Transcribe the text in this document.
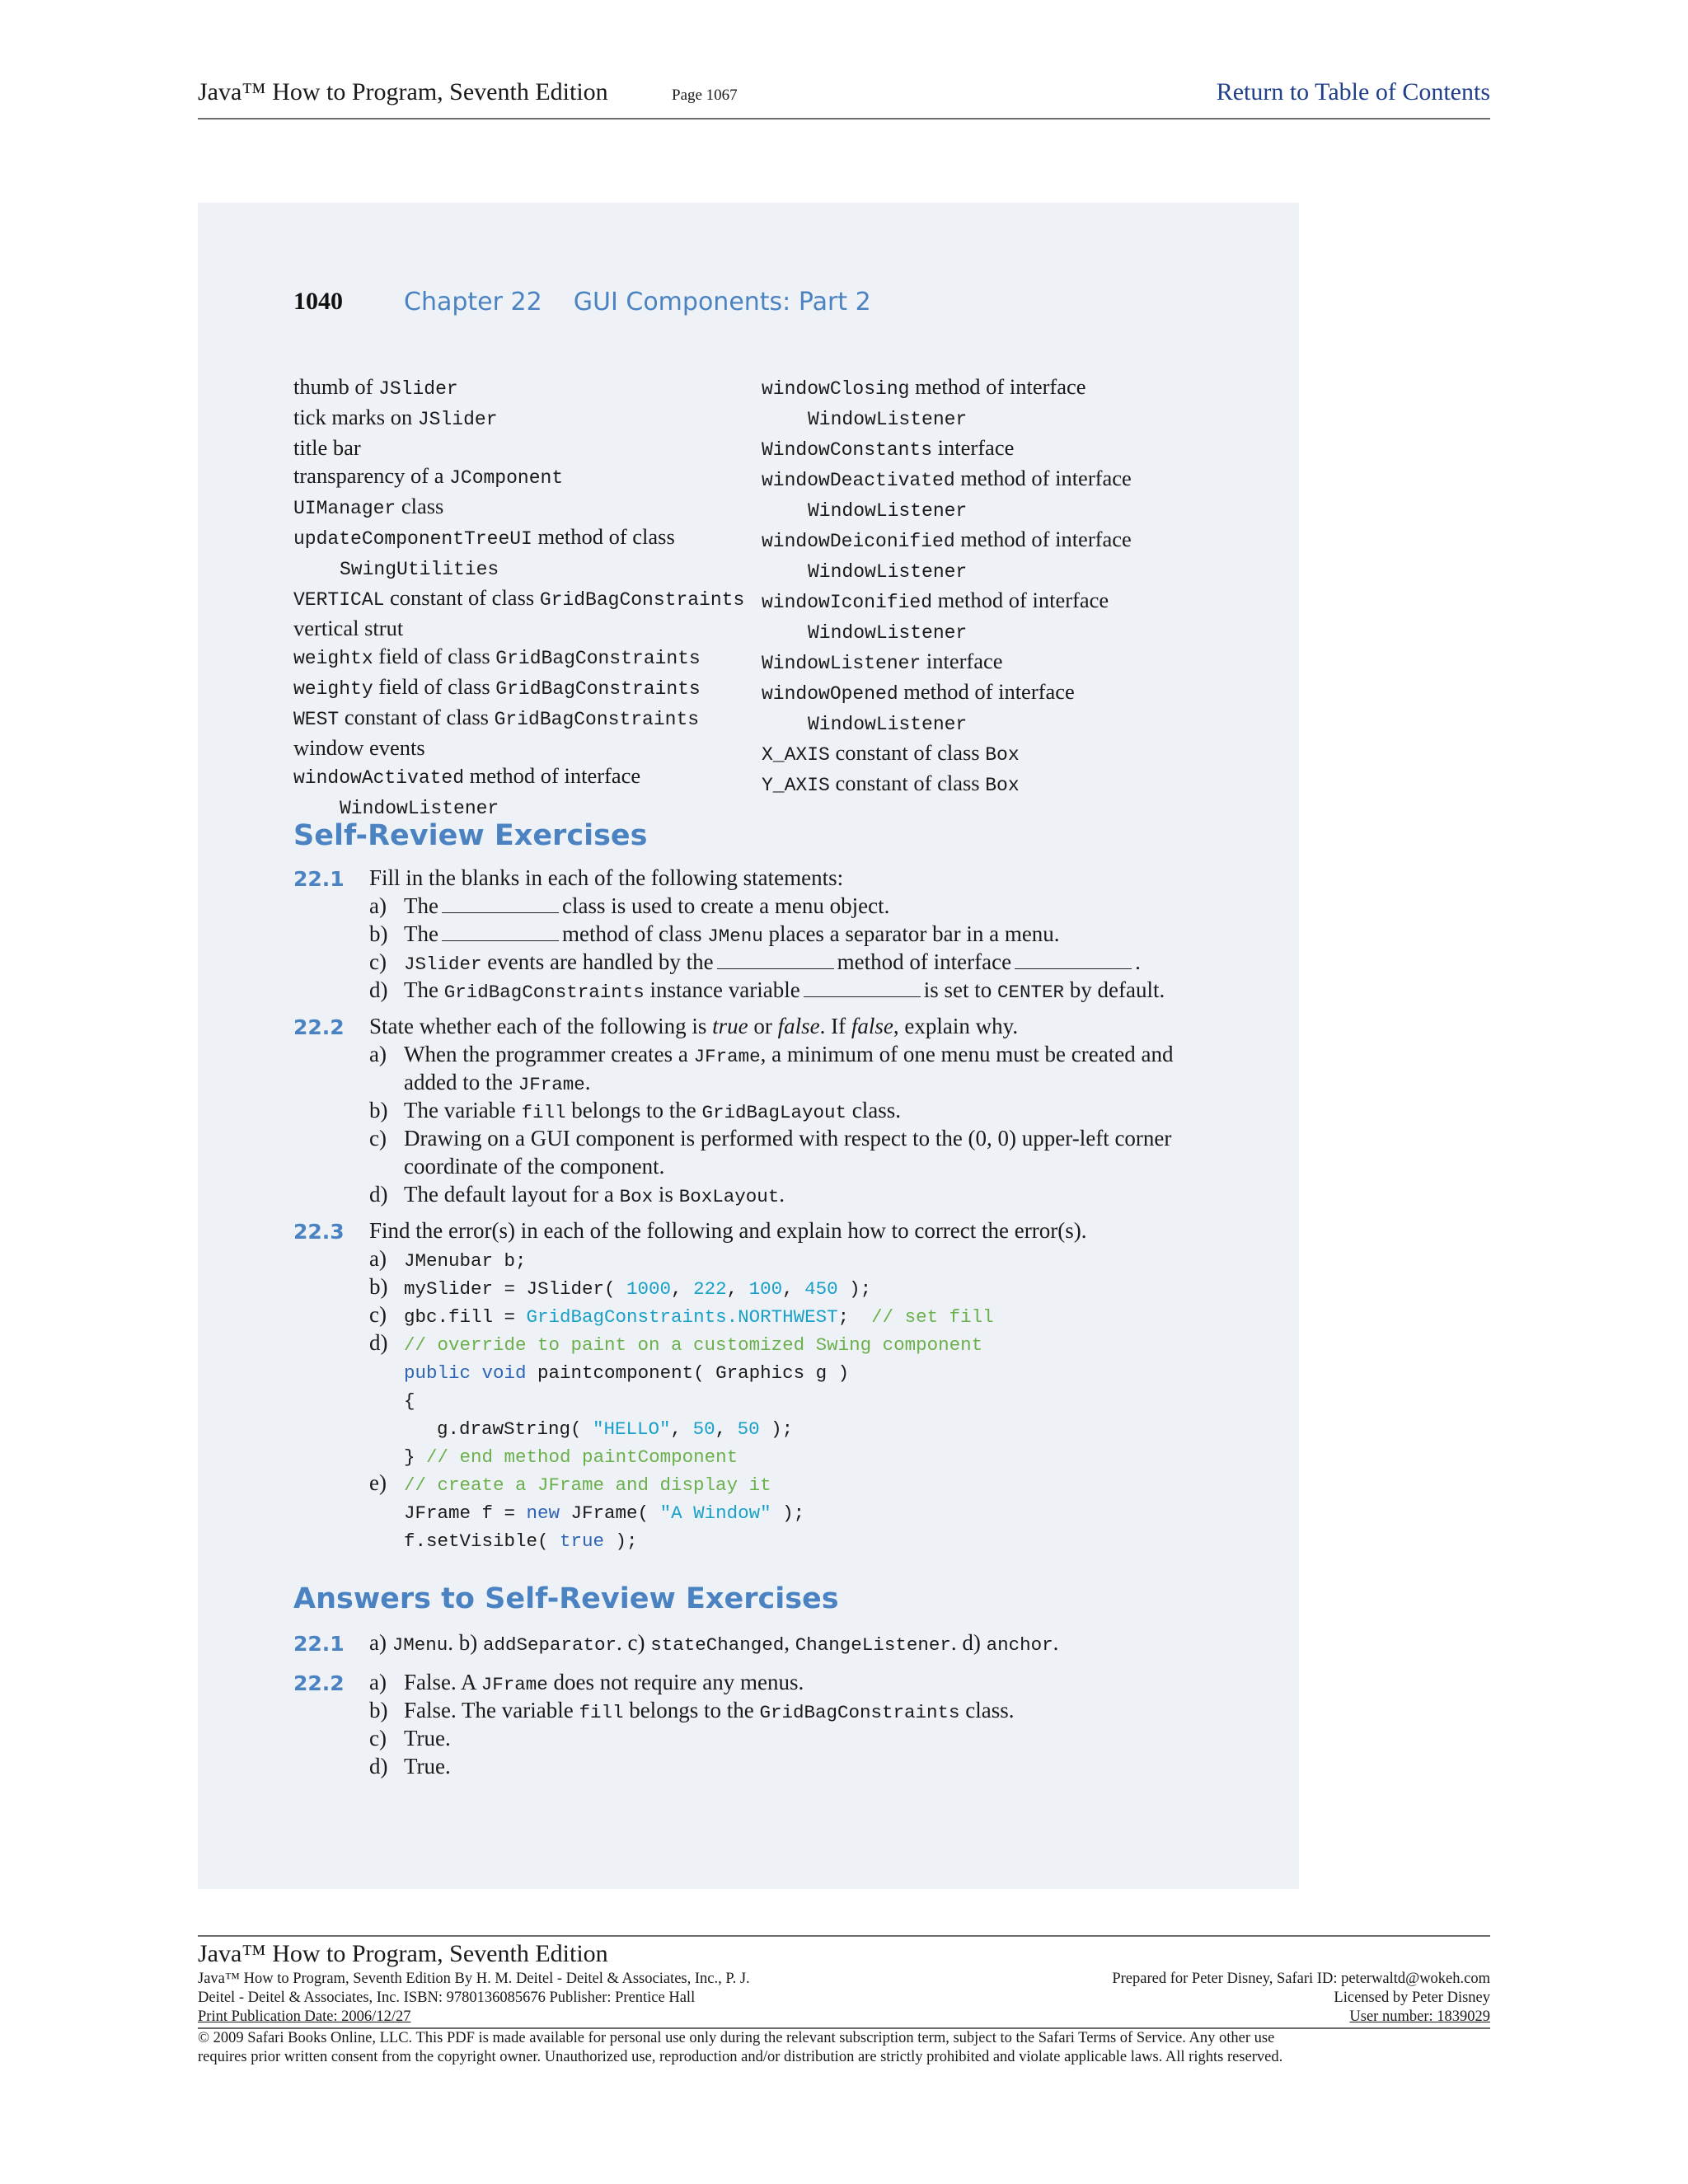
Java™ How to Program, Seventh Edition	Page 1067	Return to Table of Contents
1040 Chapter 22    GUI Components: Part 2
thumb of JSlider
tick marks on JSlider
title bar
transparency of a JComponent
UIManager class
updateComponentTreeUI method of class
SwingUtilities
VERTICAL constant of class GridBagConstraints
vertical strut
weightx field of class GridBagConstraints
weighty field of class GridBagConstraints
WEST constant of class GridBagConstraints
window events
windowActivated method of interface
WindowListener
windowClosing method of interface
WindowListener
WindowConstants interface
windowDeactivated method of interface
WindowListener
windowDeiconified method of interface
WindowListener
windowIconified method of interface
WindowListener
WindowListener interface
windowOpened method of interface
WindowListener
X_AXIS constant of class Box
Y_AXIS constant of class Box
Self-Review Exercises
22.1 Fill in the blanks in each of the following statements:
a) The	class is used to create a menu object.
b) The	method of class JMenu places a separator bar in a menu.
c) JSlider events are handled by the	method of interface	.
d) The GridBagConstraints instance variable	is set to CENTER by default.
22.2 State whether each of the following is true or false. If false, explain why.
a) When the programmer creates a JFrame, a minimum of one menu must be created and
added to the JFrame.
b) The variable fill belongs to the GridBagLayout class.
c) Drawing on a GUI component is performed with respect to the (0, 0) upper-left corner
coordinate of the component.
d) The default layout for a Box is BoxLayout.
22.3 Find the error(s) in each of the following and explain how to correct the error(s).
a) JMenubar b;
b) mySlider = JSlider( 1000, 222, 100, 450 );
c) gbc.fill = GridBagConstraints.NORTHWEST;  // set fill
d) // override to paint on a customized Swing component
public void paintcomponent( Graphics g )
{
g.drawString( "HELLO", 50, 50 );
} // end method paintComponent
e) // create a JFrame and display it
JFrame f = new JFrame( "A Window" );
f.setVisible( true );
Answers to Self-Review Exercises
22.1 a) JMenu. b) addSeparator. c) stateChanged, ChangeListener. d) anchor.
22.2 a) False. A JFrame does not require any menus.
b) False. The variable fill belongs to the GridBagConstraints class.
c) True.
d) True.
Java™ How to Program, Seventh Edition
Java™ How to Program, Seventh Edition By H. M. Deitel - Deitel & Associates, Inc., P. J.
Deitel - Deitel & Associates, Inc. ISBN: 9780136085676 Publisher: Prentice Hall
Print Publication Date: 2006/12/27
Prepared for Peter Disney, Safari ID: peterwaltd@wokeh.com
Licensed by Peter Disney
User number: 1839029
© 2009 Safari Books Online, LLC. This PDF is made available for personal use only during the relevant subscription term, subject to the Safari Terms of Service. Any other use
requires prior written consent from the copyright owner. Unauthorized use, reproduction and/or distribution are strictly prohibited and violate applicable laws. All rights reserved.
